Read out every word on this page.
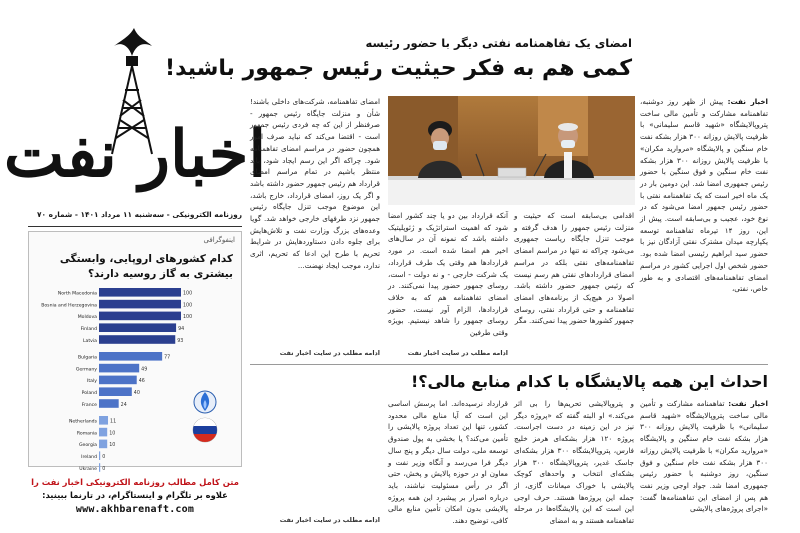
اخبار نفت
روزنامه الکترونیکی - سه‌شنبه ۱۱ مرداد ۱۴۰۱ - شماره ۷۰
اینفوگرافی
کدام کشورهای اروپایی، وابستگی بیشتری به گاز روسیه دارند؟
North Macedonia	100
Bosnia and Herzegovina	100
Moldova	100
Finland	94
Latvia	93
Bulgaria	77
Germany	49
Italy	46
Poland	40
France	24
Netherlands	11
Romania	10
Georgia	10
Ireland 0
Ukraine 0
متن کامل مطالب روزنامه الکترونیکی اخبار نفت را
علاوه بر تلگرام و اینستاگرام، در تارنما ببینید:
www.akhbarenaft.com
امضای یک تفاهمنامه نفتی دیگر با حضور رئیسه
کمی هم به فکر حیثیت رئیس جمهور باشید!

اخبار نفت: پیش از ظهر روز دوشنبه، تفاهمنامه مشارکت و تأمین مالی ساخت پتروپالایشگاه «شهید قاسم سلیمانی» با ظرفیت پالایش روزانه ۳۰۰ هزار بشکه نفت خام سنگین و پالایشگاه «مروارید مکران» با ظرفیت پالایش روزانه ۳۰۰ هزار بشکه نفت خام سنگین و فوق سنگین با حضور رئیس جمهوری امضا شد. این دومین بار در یک ماه اخیر است که یک تفاهمنامه نفتی با حضور رئیس جمهور امضا می‌شود که در نوع خود، عجیب و بی‌سابقه است. پیش از این، روز ۱۴ تیرماه تفاهمنامه توسعه یکپارچه میدان مشترک نفتی آزادگان نیز با حضور سید ابراهیم رئیسی امضا شده بود. حضور شخص اول اجرایی کشور در مراسم امضای تفاهمنامه‌های اقتصادی و به طور خاص، نفتی،

اقدامی بی‌سابقه است که حیثیت و منزلت رئیس جمهور را هدف گرفته و موجب تنزل جایگاه ریاست جمهوری می‌شود چراکه نه تنها در مراسم امضای تفاهمنامه‌های نفتی بلکه در مراسم امضای قراردادهای نفتی هم رسم نیست که رئیس جمهور حضور داشته باشد. اصولا در هیچ‌یک از برنامه‌های امضای تفاهمنامه و حتی قرارداد نفتی، روسای جمهور کشورها حضور پیدا نمی‌کنند. مگر

آنکه قرارداد بین دو یا چند کشور امضا شود که اهمیت استراتژیک و ژئوپلیتیک داشته باشد که نمونه آن در سال‌های اخیر هم امضا شده است. در مورد قراردادها هم وقتی یک طرف قرارداد، یک شرکت خارجی - و نه دولت - است، روسای جمهور حضور پیدا نمی‌کنند. در امضای تفاهمنامه هم که به خلاف قراردادها، الزام آور نیست، حضور روسای جمهور را شاهد نیستیم. بویژه وقتی طرفین

امضای تفاهمنامه، شرکت‌های داخلی باشند! شأن و منزلت جایگاه رئیس جمهور - صرفنظر از این که چه فردی رئیس جمهور است - اقتضا می‌کند که نباید صرف امور همچون حضور در مراسم امضای تفاهمنامه شود. چراکه اگر این رسم ایجاد شود، باید منتظر باشیم در تمام مراسم امضای قرارداد هم رئیس جمهور حضور داشته باشد و اگر یک روز، امضای قرارداد، خارج باشد، این موضوع موجب تنزل جایگاه رئیس جمهور نزد طرفهای خارجی خواهد شد. گویا وعده‌های بزرگ وزارت نفت و تلاش‌هایش برای جلوه دادن دستاوردهایش در شرایط تحریم با طرح این ادعا که تحریم، اثری ندارد، موجب ایجاد نهضت...

ادامه مطلب در سایت اخبار نفت	ادامه مطلب در سایت اخبار نفت
احداث این همه پالایشگاه با کدام منابع مالی؟!

اخبار نفت: تفاهمنامه مشارکت و تأمین مالی ساخت پتروپالایشگاه «شهید قاسم سلیمانی» با ظرفیت پالایش روزانه ۳۰۰ هزار بشکه نفت خام سنگین و پالایشگاه «مروارید مکران» با ظرفیت پالایش روزانه ۳۰۰ هزار بشکه نفت خام سنگین و فوق سنگین، روز دوشنبه با حضور رئیس جمهوری امضا شد. جواد اوجی وزیر نفت هم پس از امضای این تفاهمنامه‌ها گفت: «اجرای پروژه‌های پالایشی

و پتروپالایشی تحریم‌ها را بی اثر می‌کند.» او البته گفته که «پروژه دیگر نیز در این زمینه در دست اجراست. پروژه ۱۲۰ هزار بشکه‌ای هرمز خلیج فارس، پتروپالایشگاه ۳۰۰ هزار بشکه‌ای جاسک غدیر، پتروپالایشگاه ۳۰۰ هزار بشکه‌ای انتخاب و واحدهای کوچک پالایشی با خوراک میعانات گازی، از جمله این پروژه‌ها هستند. حرف اوجی این است که این پالایشگاه‌ها در مرحله تفاهمنامه هستند و به امضای

قرارداد نرسیده‌اند. اما پرسش اساسی این است که آیا منابع مالی محدود کشور، تنها این تعداد پروژه پالایشی را تأمین می‌کند؟ یا بخشی به پول صندوق توسعه ملی، دولت سال دیگر و پنج سال دیگر فرا می‌رسد و آنگاه وزیر نفت و معاون او در حوزه پالایش و پخش، حتی اگر در رأس مسئولیت نباشند، باید درباره اصرار بر پیشبرد این همه پروژه پالایشی بدون امکان تأمین منابع مالی کافی، توضیح دهند.

ادامه مطلب در سایت اخبار نفت
